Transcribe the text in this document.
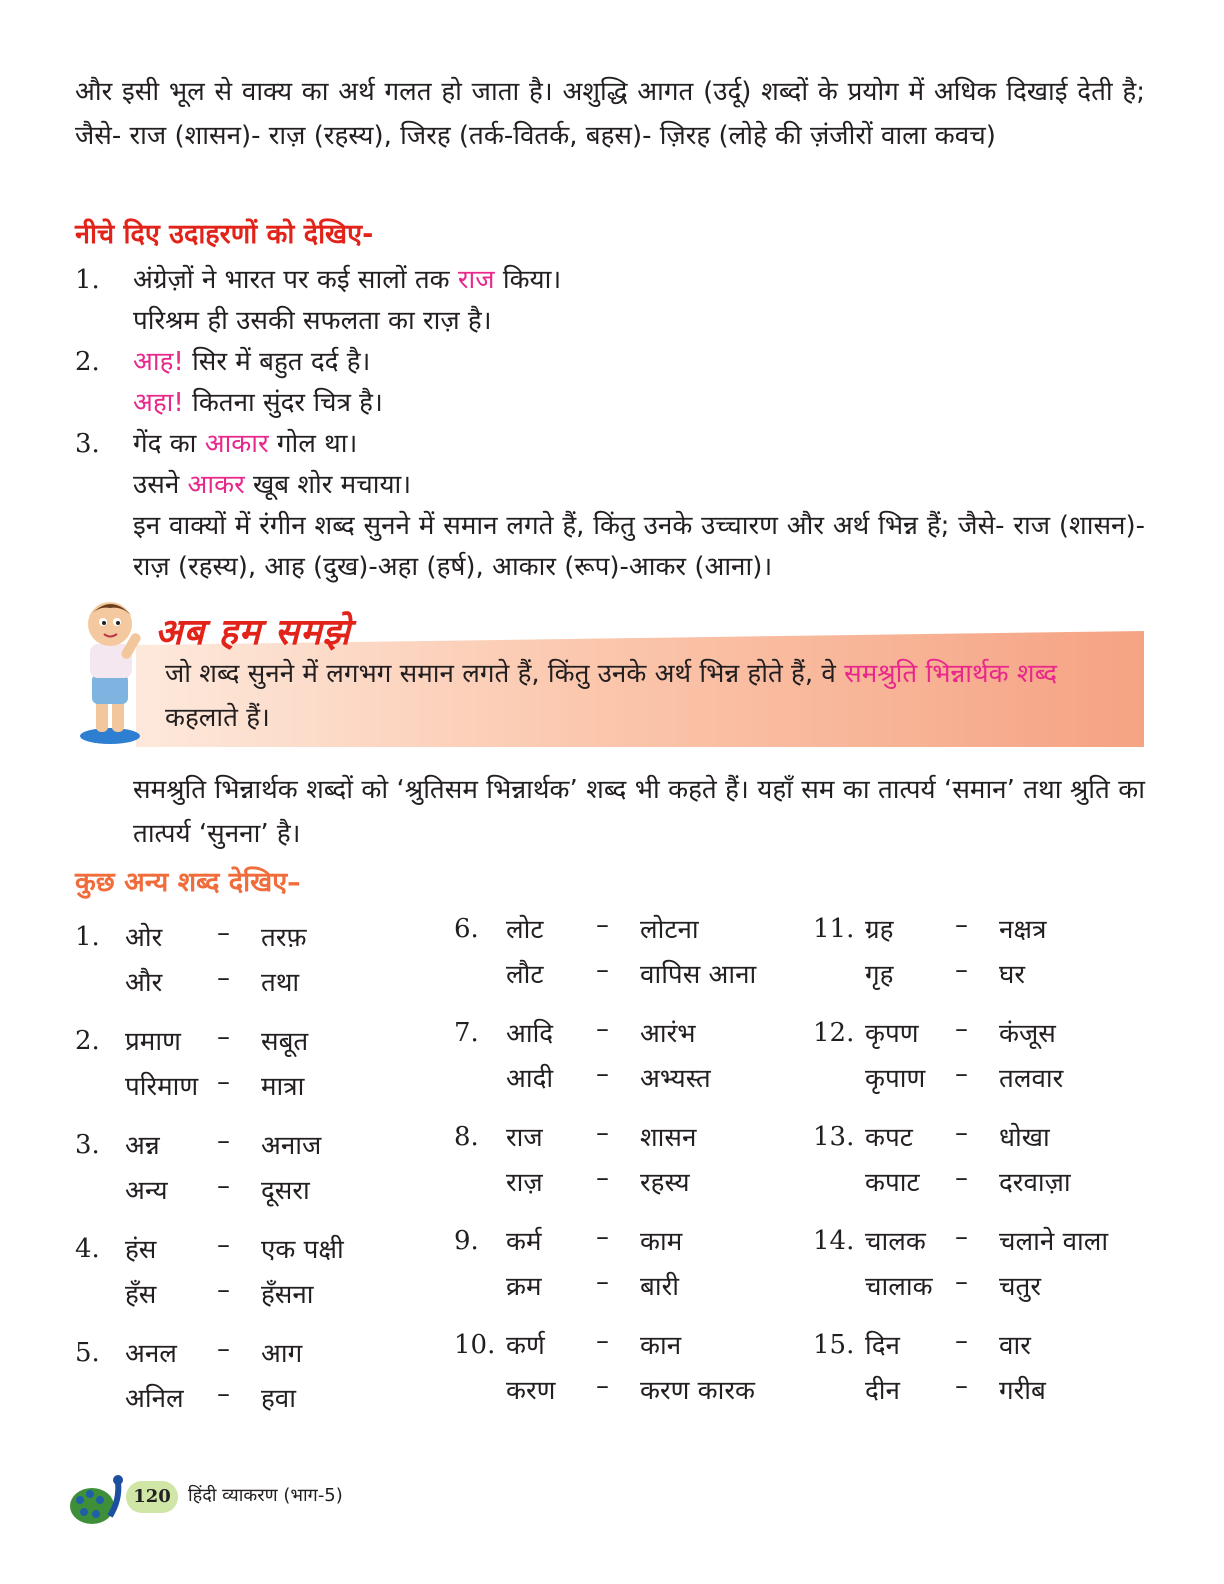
और इसी भूल से वाक्य का अर्थ गलत हो जाता है। अशुद्धि आगत (उर्दू) शब्दों के प्रयोग में अधिक दिखाई देती है; जैसे- राज (शासन)- राज़ (रहस्य), जिरह (तर्क-वितर्क, बहस)- ज़िरह (लोहे की ज़ंजीरों वाला कवच)
नीचे दिए उदाहरणों को देखिए-
1.	अंग्रेज़ों ने भारत पर कई सालों तक राज किया।
परिश्रम ही उसकी सफलता का राज़ है।
2.	आह! सिर में बहुत दर्द है।
अहा! कितना सुंदर चित्र है।
3.	गेंद का आकार गोल था।
उसने आकर खूब शोर मचाया।
इन वाक्यों में रंगीन शब्द सुनने में समान लगते हैं, किंतु उनके उच्चारण और अर्थ भिन्न हैं; जैसे- राज (शासन)- राज़ (रहस्य), आह (दुख)-अहा (हर्ष), आकार (रूप)-आकर (आना)।
अब हम समझे
जो शब्द सुनने में लगभग समान लगते हैं, किंतु उनके अर्थ भिन्न होते हैं, वे समश्रुति भिन्नार्थक शब्द कहलाते हैं।
समश्रुति भिन्नार्थक शब्दों को ‘श्रुतिसम भिन्नार्थक’ शब्द भी कहते हैं। यहाँ सम का तात्पर्य ‘समान’ तथा श्रुति का तात्पर्य ‘सुनना’ है।
कुछ अन्य शब्द देखिए–
1. ओर – तरफ़
और – तथा
2. प्रमाण – सबूत
परिमाण – मात्रा
3. अन्न – अनाज
अन्य – दूसरा
4. हंस – एक पक्षी
हँस – हँसना
5. अनल – आग
अनिल – हवा
6. लोट – लोटना
लौट – वापिस आना
7. आदि – आरंभ
आदी – अभ्यस्त
8. राज – शासन
राज़ – रहस्य
9. कर्म – काम
क्रम – बारी
10. कर्ण – कान
करण – करण कारक
11. ग्रह – नक्षत्र
गृह – घर
12. कृपण – कंजूस
कृपाण – तलवार
13. कपट – धोखा
कपाट – दरवाज़ा
14. चालक – चलाने वाला
चालाक – चतुर
15. दिन – वार
दीन – गरीब
120 हिंदी व्याकरण (भाग-5)
